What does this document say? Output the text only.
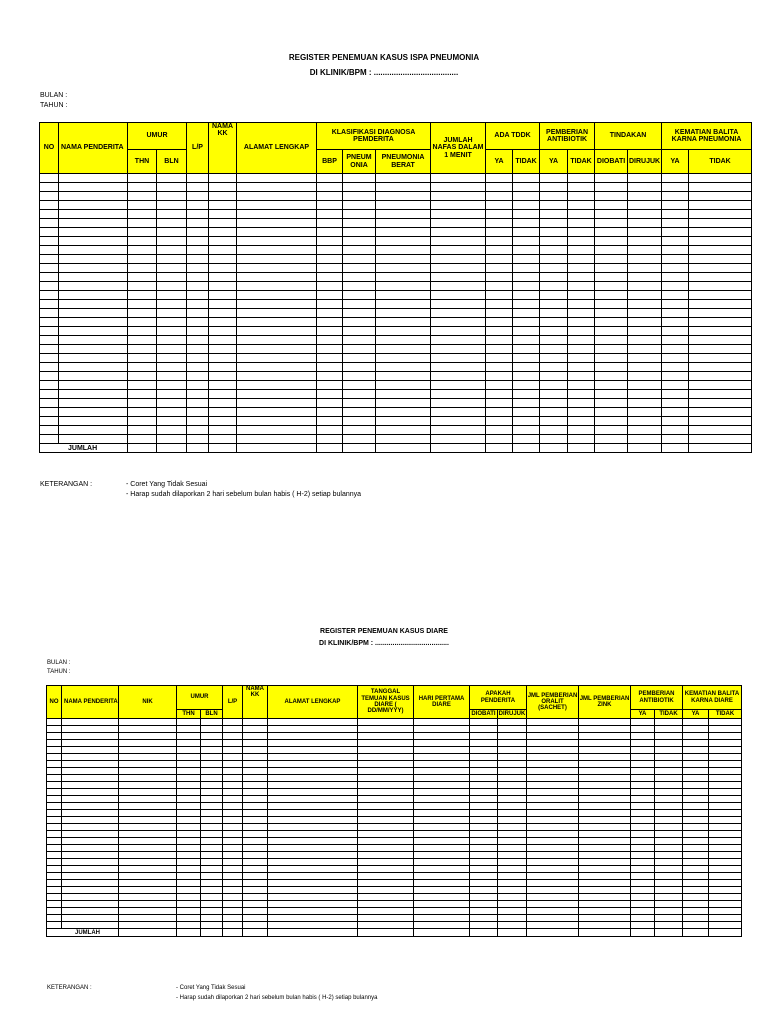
REGISTER PENEMUAN KASUS ISPA PNEUMONIA
DI KLINIK/BPM : ......................................
BULAN :
TAHUN :
NO	NAMA PENDERITA	UMUR		L/P	NAMA KK	ALAMAT LENGKAP	KLASIFIKASI DIAGNOSA PEMDERITA			JUMLAH NAFAS DALAM 1 MENIT	ADA TDDK		PEMBERIAN ANTIBIOTIK		TINDAKAN		KEMATIAN BALITA KARNA PNEUMONIA	
		THN	BLN				BBP	PNEUM ONIA	PNEUMONIA BERAT		YA	TIDAK	YA	TIDAK	DIOBATI	DIRUJUK	YA	TIDAK

JUMLAH																		
KETERANGAN :	- Coret Yang Tidak Sesuai
- Harap sudah dilaporkan 2 hari sebelum bulan habis ( H-2) setiap bulannya
REGISTER PENEMUAN KASUS DIARE
DI KLINIK/BPM : ......................................
BULAN :
TAHUN :
NO	NAMA PENDERITA	NIK	UMUR		L/P	NAMA KK	ALAMAT LENGKAP	TANGGAL TEMUAN KASUS DIARE ( DD/MM/YYY)	HARI PERTAMA DIARE	APAKAH PENDERITA		JML PEMBERIAN ORALIT (SACHET)	JML PEMBERIAN ZINK	PEMBERIAN ANTIBIOTIK		KEMATIAN BALITA KARNA DIARE	
			THN	BLN						DIOBATI	DIRUJUK			YA	TIDAK	YA	TIDAK

JUMLAH																	
KETERANGAN :	- Coret Yang Tidak Sesuai
- Harap sudah dilaporkan 2 hari sebelum bulan habis ( H-2) setiap bulannya
